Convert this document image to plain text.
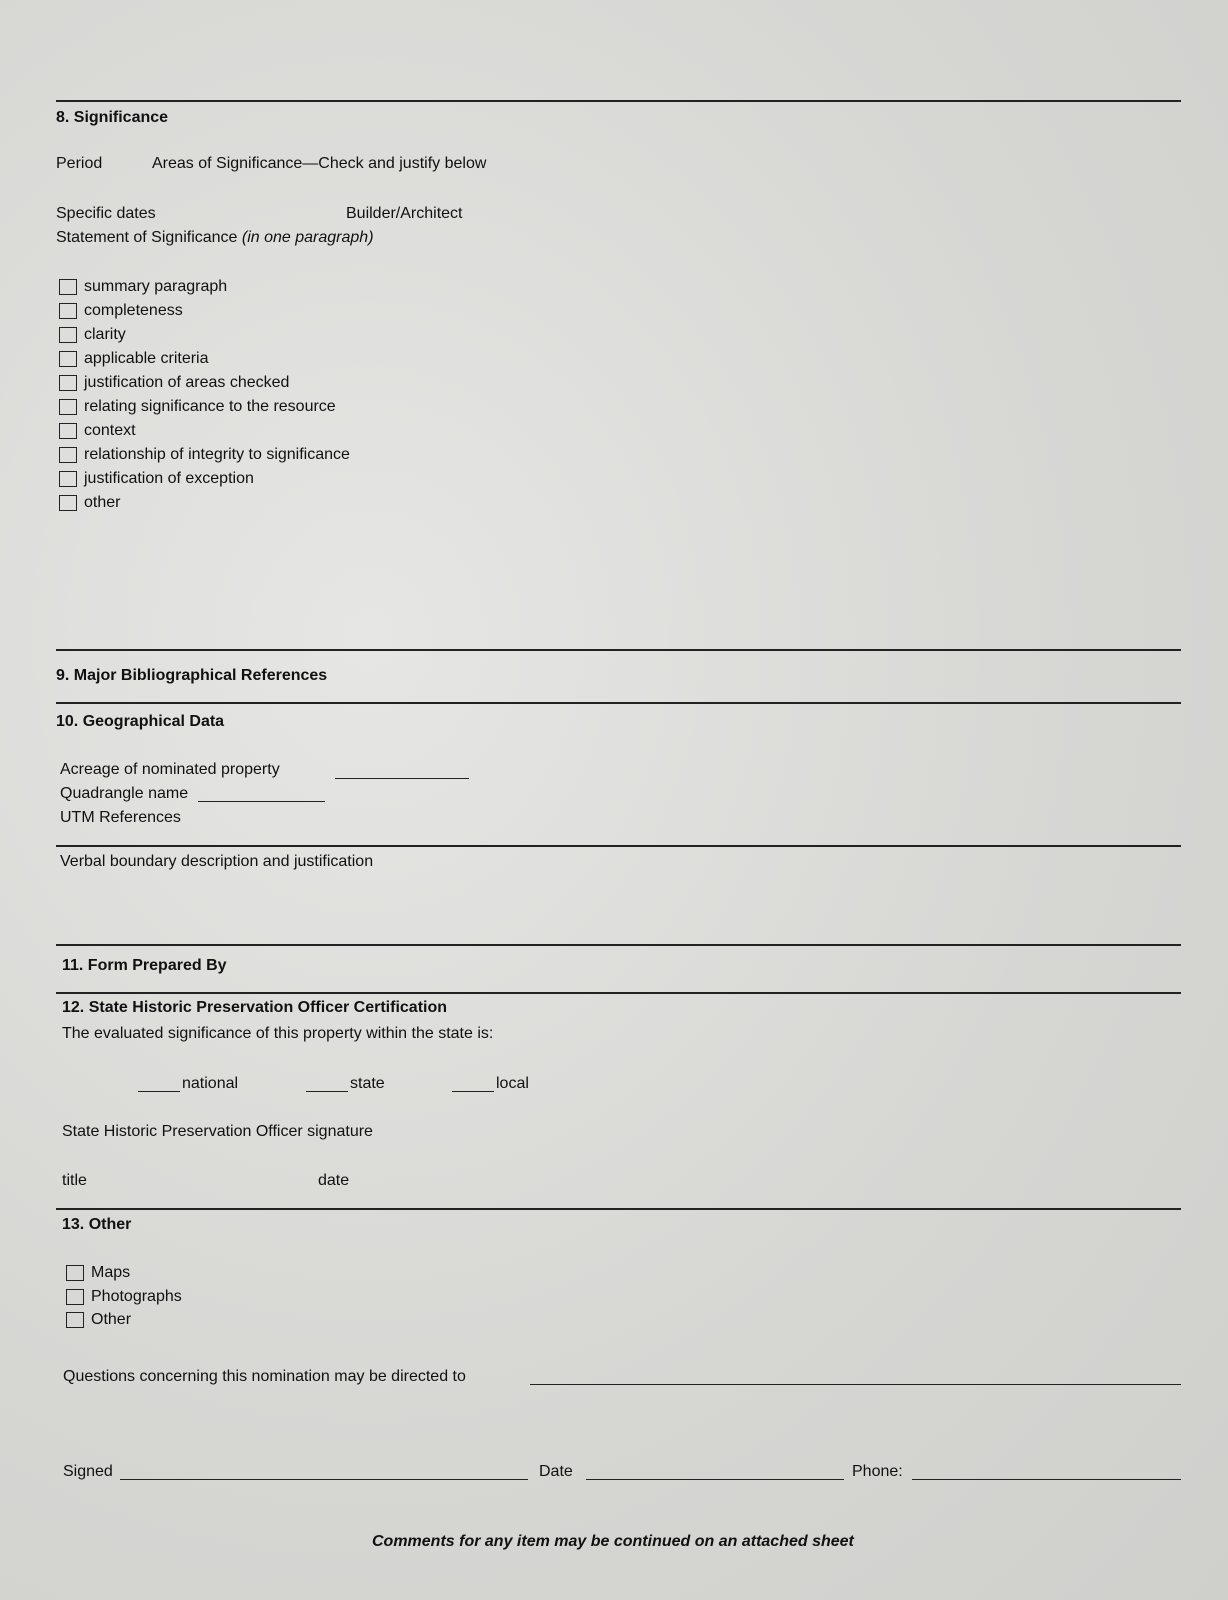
8. Significance
Period	Areas of Significance—Check and justify below
Specific dates	Builder/Architect
Statement of Significance (in one paragraph)
summary paragraph
completeness
clarity
applicable criteria
justification of areas checked
relating significance to the resource
context
relationship of integrity to significance
justification of exception
other
9. Major Bibliographical References
10. Geographical Data
Acreage of nominated property
Quadrangle name
UTM References
Verbal boundary description and justification
11. Form Prepared By
12. State Historic Preservation Officer Certification
The evaluated significance of this property within the state is:
national	state	local
State Historic Preservation Officer signature
title	date
13. Other
Maps
Photographs
Other
Questions concerning this nomination may be directed to
Signed	Date	Phone:
Comments for any item may be continued on an attached sheet
